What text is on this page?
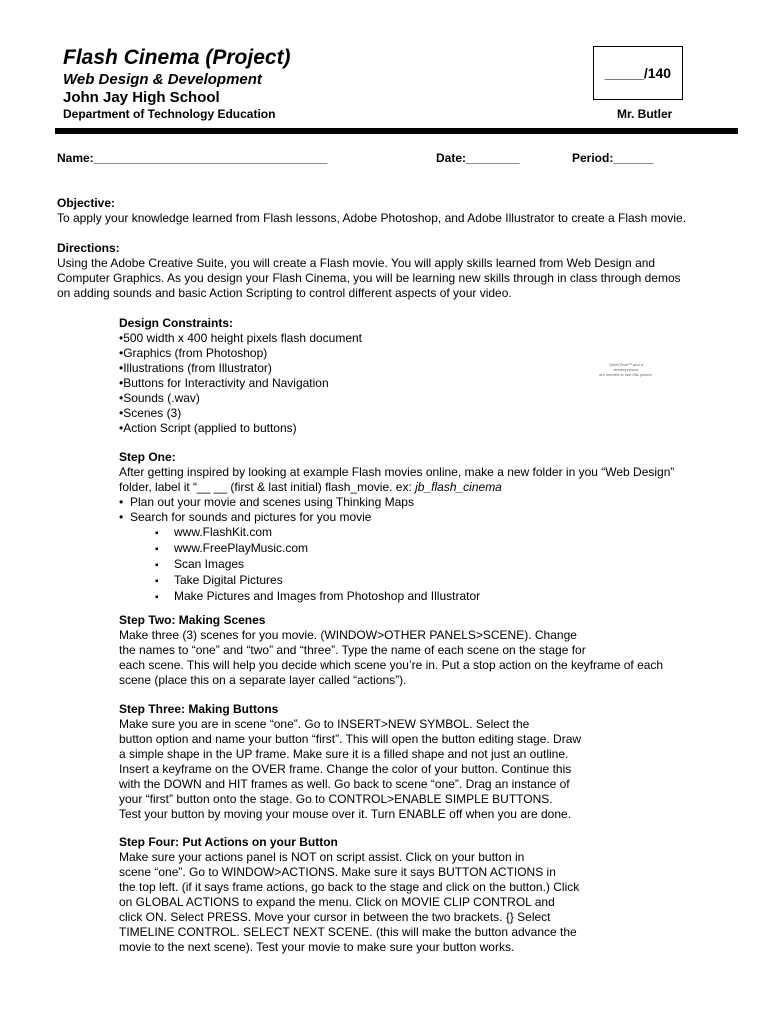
Flash Cinema (Project)
Web Design & Development
John Jay High School
Department of Technology Education	Mr. Butler
_____/140
Name:___________________________________	Date:________	Period:______

Objective:

To apply your knowledge learned from Flash lessons, Adobe Photoshop, and Adobe Illustrator to create a Flash movie.

Directions:

Using the Adobe Creative Suite, you will create a Flash movie. You will apply skills learned from Web Design and

Computer Graphics. As you design your Flash Cinema, you will be learning new skills through in class through demos

on adding sounds and basic Action Scripting to control different aspects of your video.

Design Constraints:

• 500 width x 400 height pixels flash document
• Graphics (from Photoshop)
• Illustrations (from Illustrator)
• Buttons for Interactivity and Navigation
• Sounds (.wav)
• Scenes (3)
• Action Script (applied to buttons)
QuickTime™ and a
decompressor
are needed to see this picture.

Step One:

After getting inspired by looking at example Flash movies online, make a new folder in you “Web Design”

folder, label it “__ __ (first & last initial) flash_movie. ex: jb_flash_cinema

• Plan out your movie and scenes using Thinking Maps
• Search for sounds and pictures for you movie
▪ www.FlashKit.com
▪ www.FreePlayMusic.com
▪ Scan Images
▪ Take Digital Pictures
▪ Make Pictures and Images from Photoshop and Illustrator

Step Two: Making Scenes

Make three (3) scenes for you movie. (WINDOW>OTHER PANELS>SCENE). Change

the names to “one” and “two” and “three”. Type the name of each scene on the stage for

each scene. This will help you decide which scene you’re in. Put a stop action on the keyframe of each

scene (place this on a separate layer called “actions”).

Step Three: Making Buttons

Make sure you are in scene “one”. Go to INSERT>NEW SYMBOL. Select the

button option and name your button “first”. This will open the button editing stage. Draw

a simple shape in the UP frame. Make sure it is a filled shape and not just an outline.

Insert a keyframe on the OVER frame. Change the color of your button. Continue this

with the DOWN and HIT frames as well. Go back to scene “one”. Drag an instance of

your “first” button onto the stage. Go to CONTROL>ENABLE SIMPLE BUTTONS.

Test your button by moving your mouse over it. Turn ENABLE off when you are done.

Step Four: Put Actions on your Button

Make sure your actions panel is NOT on script assist. Click on your button in

scene “one”. Go to WINDOW>ACTIONS. Make sure it says BUTTON ACTIONS in

the top left. (if it says frame actions, go back to the stage and click on the button.) Click

on GLOBAL ACTIONS to expand the menu. Click on MOVIE CLIP CONTROL and

click ON. Select PRESS. Move your cursor in between the two brackets. {} Select

TIMELINE CONTROL. SELECT NEXT SCENE. (this will make the button advance the

movie to the next scene). Test your movie to make sure your button works.
